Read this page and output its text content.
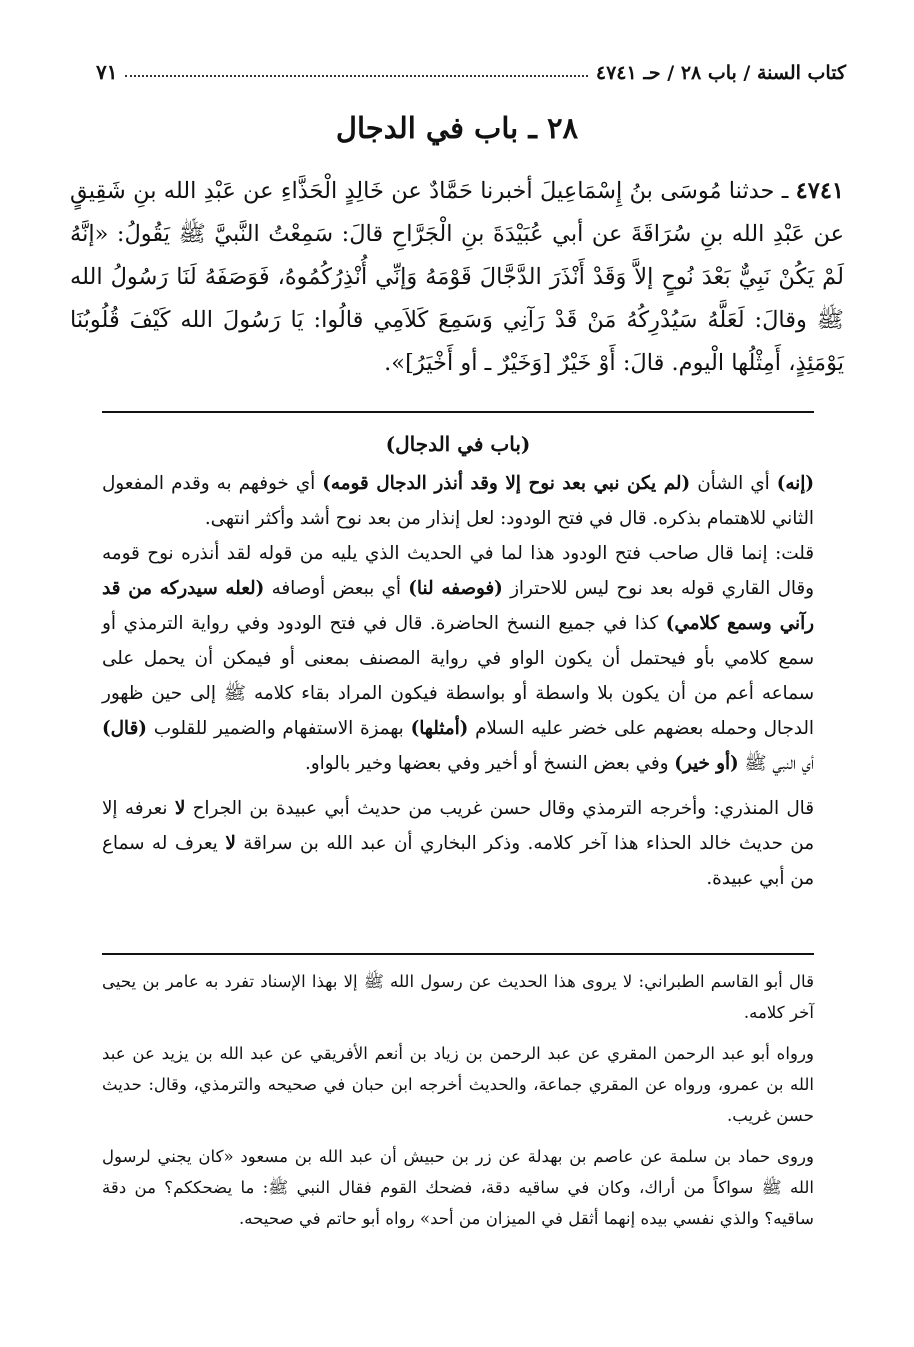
كتاب السنة / باب ٢٨ / حـ ٤٧٤١
٧١
٢٨ ـ باب في الدجال
٤٧٤١ ـ حدثنا مُوسَى بنُ إِسْمَاعِيلَ أخبرنا حَمَّادٌ عن خَالِدٍ الْحَذَّاءِ عن عَبْدِ الله بنِ شَقِيقٍ عن عَبْدِ الله بنِ سُرَاقَةَ عن أبي عُبَيْدَةَ بنِ الْجَرَّاحِ قالَ: سَمِعْتُ النَّبيَّ ﷺ يَقُولُ: «إنَّهُ لَمْ يَكُنْ نَبِيٌّ بَعْدَ نُوحٍ إلاَّ وَقَدْ أَنْذَرَ الدَّجَّالَ قَوْمَهُ وَإنِّي أُنْذِرُكُمُوهُ، فَوَصَفَهُ لَنَا رَسُولُ الله ﷺ وقالَ: لَعَلَّهُ سَيُدْرِكُهُ مَنْ قَدْ رَآنِي وَسَمِعَ كَلاَمِي قالُوا: يَا رَسُولَ الله كَيْفَ قُلُوبُنَا يَوْمَئِذٍ، أَمِثْلُها الْيوم. قالَ: أَوْ خَيْرٌ [وَخَيْرٌ ـ أو أَخْيَرُ]».
(باب في الدجال)

(إنه) أي الشأن (لم يكن نبي بعد نوح إلا وقد أنذر الدجال قومه) أي خوفهم به وقدم المفعول الثاني للاهتمام بذكره. قال في فتح الودود: لعل إنذار من بعد نوح أشد وأكثر انتهى.

قلت: إنما قال صاحب فتح الودود هذا لما في الحديث الذي يليه من قوله لقد أنذره نوح قومه وقال القاري قوله بعد نوح ليس للاحتراز (فوصفه لنا) أي ببعض أوصافه (لعله سيدركه من قد رآني وسمع كلامي) كذا في جميع النسخ الحاضرة. قال في فتح الودود وفي رواية الترمذي أو سمع كلامي بأو فيحتمل أن يكون الواو في رواية المصنف بمعنى أو فيمكن أن يحمل على سماعه أعم من أن يكون بلا واسطة أو بواسطة فيكون المراد بقاء كلامه ﷺ إلى حين ظهور الدجال وحمله بعضهم على خضر عليه السلام (أمثلها) بهمزة الاستفهام والضمير للقلوب (قال) أي النبي ﷺ (أو خير) وفي بعض النسخ أو أخير وفي بعضها وخير بالواو.

قال المنذري: وأخرجه الترمذي وقال حسن غريب من حديث أبي عبيدة بن الجراح لا نعرفه إلا من حديث خالد الحذاء هذا آخر كلامه. وذكر البخاري أن عبد الله بن سراقة لا يعرف له سماع من أبي عبيدة.

قال أبو القاسم الطبراني: لا يروى هذا الحديث عن رسول الله ﷺ إلا بهذا الإسناد تفرد به عامر بن يحيى آخر كلامه.

ورواه أبو عبد الرحمن المقري عن عبد الرحمن بن زياد بن أنعم الأفريقي عن عبد الله بن يزيد عن عبد الله بن عمرو، ورواه عن المقري جماعة، والحديث أخرجه ابن حبان في صحيحه والترمذي، وقال: حديث حسن غريب.

وروى حماد بن سلمة عن عاصم بن بهدلة عن زر بن حبيش أن عبد الله بن مسعود «كان يجني لرسول الله ﷺ سواكاً من أراك، وكان في ساقيه دقة، فضحك القوم فقال النبي ﷺ: ما يضحككم؟ من دقة ساقيه؟ والذي نفسي بيده إنهما أثقل في الميزان من أحد» رواه أبو حاتم في صحيحه.
